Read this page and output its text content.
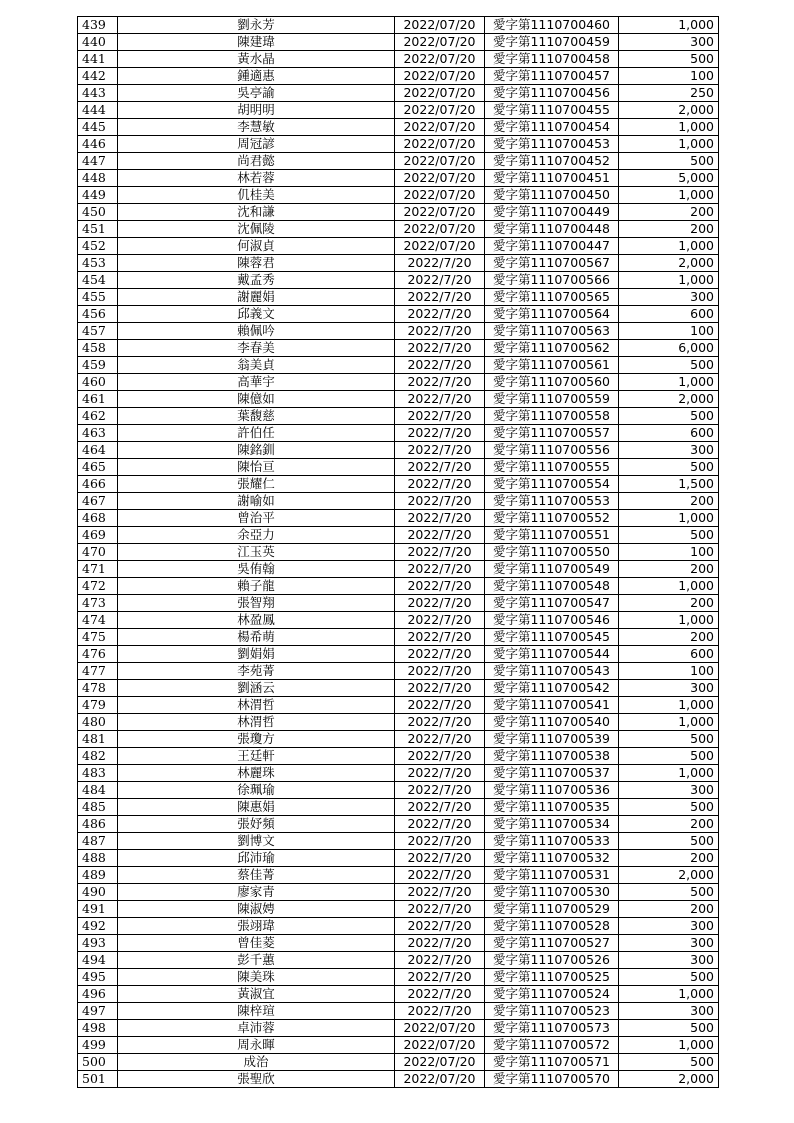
439	劉永芳	2022/07/20	愛字第1110700460	1,000
440	陳建瑋	2022/07/20	愛字第1110700459	300
441	黃水晶	2022/07/20	愛字第1110700458	500
442	鍾適惠	2022/07/20	愛字第1110700457	100
443	吳亭諭	2022/07/20	愛字第1110700456	250
444	胡明明	2022/07/20	愛字第1110700455	2,000
445	李慧敏	2022/07/20	愛字第1110700454	1,000
446	周冠諺	2022/07/20	愛字第1110700453	1,000
447	尚君懿	2022/07/20	愛字第1110700452	500
448	林若蓉	2022/07/20	愛字第1110700451	5,000
449	仉桂美	2022/07/20	愛字第1110700450	1,000
450	沈和謙	2022/07/20	愛字第1110700449	200
451	沈佩陵	2022/07/20	愛字第1110700448	200
452	何淑貞	2022/07/20	愛字第1110700447	1,000
453	陳蓉君	2022/7/20	愛字第1110700567	2,000
454	戴孟秀	2022/7/20	愛字第1110700566	1,000
455	謝麗娟	2022/7/20	愛字第1110700565	300
456	邱義文	2022/7/20	愛字第1110700564	600
457	賴佩吟	2022/7/20	愛字第1110700563	100
458	李春美	2022/7/20	愛字第1110700562	6,000
459	翁美貞	2022/7/20	愛字第1110700561	500
460	高華宇	2022/7/20	愛字第1110700560	1,000
461	陳億如	2022/7/20	愛字第1110700559	2,000
462	葉馥慈	2022/7/20	愛字第1110700558	500
463	許伯任	2022/7/20	愛字第1110700557	600
464	陳銘釧	2022/7/20	愛字第1110700556	300
465	陳怡亘	2022/7/20	愛字第1110700555	500
466	張耀仁	2022/7/20	愛字第1110700554	1,500
467	謝喻如	2022/7/20	愛字第1110700553	200
468	曾治平	2022/7/20	愛字第1110700552	1,000
469	余亞力	2022/7/20	愛字第1110700551	500
470	江玉英	2022/7/20	愛字第1110700550	100
471	吳侑翰	2022/7/20	愛字第1110700549	200
472	賴子龍	2022/7/20	愛字第1110700548	1,000
473	張智翔	2022/7/20	愛字第1110700547	200
474	林盈鳳	2022/7/20	愛字第1110700546	1,000
475	楊希萌	2022/7/20	愛字第1110700545	200
476	劉娟娟	2022/7/20	愛字第1110700544	600
477	李苑菁	2022/7/20	愛字第1110700543	100
478	劉涵云	2022/7/20	愛字第1110700542	300
479	林渭哲	2022/7/20	愛字第1110700541	1,000
480	林渭哲	2022/7/20	愛字第1110700540	1,000
481	張瓊方	2022/7/20	愛字第1110700539	500
482	王廷軒	2022/7/20	愛字第1110700538	500
483	林麗珠	2022/7/20	愛字第1110700537	1,000
484	徐珮瑜	2022/7/20	愛字第1110700536	300
485	陳惠娟	2022/7/20	愛字第1110700535	500
486	張妤頻	2022/7/20	愛字第1110700534	200
487	劉博文	2022/7/20	愛字第1110700533	500
488	邱沛瑜	2022/7/20	愛字第1110700532	200
489	蔡佳菁	2022/7/20	愛字第1110700531	2,000
490	廖家青	2022/7/20	愛字第1110700530	500
491	陳淑娉	2022/7/20	愛字第1110700529	200
492	張翊瑋	2022/7/20	愛字第1110700528	300
493	曾佳菱	2022/7/20	愛字第1110700527	300
494	彭千蕙	2022/7/20	愛字第1110700526	300
495	陳美珠	2022/7/20	愛字第1110700525	500
496	黃淑宜	2022/7/20	愛字第1110700524	1,000
497	陳梓瑄	2022/7/20	愛字第1110700523	300
498	卓沛蓉	2022/07/20	愛字第1110700573	500
499	周永暉	2022/07/20	愛字第1110700572	1,000
500	成治	2022/07/20	愛字第1110700571	500
501	張聖欣	2022/07/20	愛字第1110700570	2,000
